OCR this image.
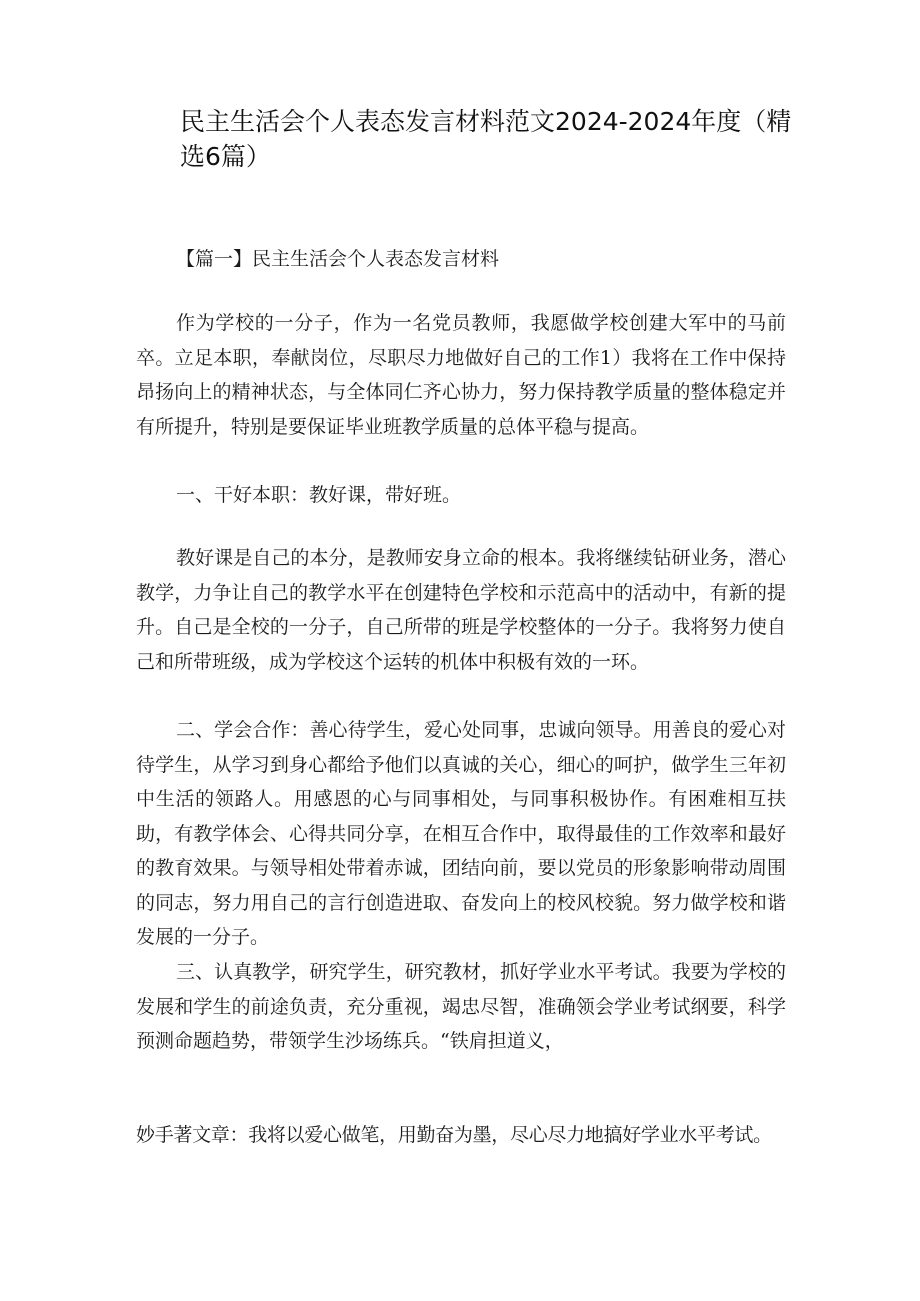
民主生活会个人表态发言材料范文2024-2024年度（精选6篇）

【篇一】民主生活会个人表态发言材料

作为学校的一分子，作为一名党员教师，我愿做学校创建大军中的马前卒。立足本职，奉献岗位，尽职尽力地做好自己的工作1）我将在工作中保持昂扬向上的精神状态，与全体同仁齐心协力，努力保持教学质量的整体稳定并有所提升，特别是要保证毕业班教学质量的总体平稳与提高。

一、干好本职：教好课，带好班。

教好课是自己的本分，是教师安身立命的根本。我将继续钻研业务，潜心教学，力争让自己的教学水平在创建特色学校和示范高中的活动中，有新的提升。自己是全校的一分子，自己所带的班是学校整体的一分子。我将努力使自己和所带班级，成为学校这个运转的机体中积极有效的一环。

二、学会合作：善心待学生，爱心处同事，忠诚向领导。用善良的爱心对待学生，从学习到身心都给予他们以真诚的关心，细心的呵护，做学生三年初中生活的领路人。用感恩的心与同事相处，与同事积极协作。有困难相互扶助，有教学体会、心得共同分享，在相互合作中，取得最佳的工作效率和最好的教育效果。与领导相处带着赤诚，团结向前，要以党员的形象影响带动周围的同志，努力用自己的言行创造进取、奋发向上的校风校貌。努力做学校和谐发展的一分子。

三、认真教学，研究学生，研究教材，抓好学业水平考试。我要为学校的发展和学生的前途负责，充分重视，竭忠尽智，准确领会学业考试纲要，科学预测命题趋势，带领学生沙场练兵。“铁肩担道义，

妙手著文章：我将以爱心做笔，用勤奋为墨，尽心尽力地搞好学业水平考试。
